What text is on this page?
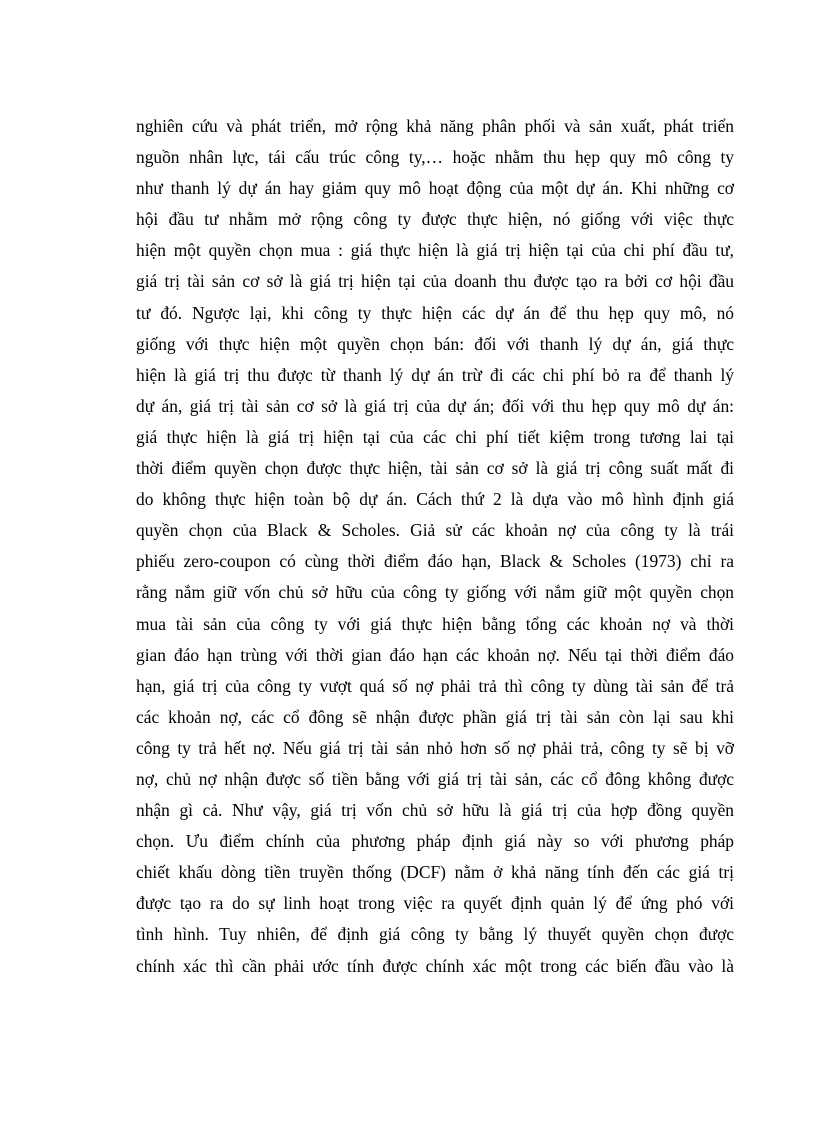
nghiên cứu và phát triển, mở rộng khả năng phân phối và sản xuất, phát triển
nguồn nhân lực, tái cấu trúc công ty,… hoặc nhằm thu hẹp quy mô công ty
như thanh lý dự án hay giảm quy mô hoạt động của một dự án. Khi những cơ
hội đầu tư nhằm mở rộng công ty được thực hiện, nó giống với việc thực
hiện một quyền chọn mua : giá thực hiện là giá trị hiện tại của chi phí đầu tư,
giá trị tài sản cơ sở là giá trị hiện tại của doanh thu được tạo ra bởi cơ hội đầu
tư đó. Ngược lại, khi công ty thực hiện các dự án để thu hẹp quy mô, nó
giống với thực hiện một quyền chọn bán: đối với thanh lý dự án, giá thực
hiện là giá trị thu được từ thanh lý dự án trừ đi các chi phí bỏ ra để thanh lý
dự án, giá trị tài sản cơ sở là giá trị của dự án; đối với thu hẹp quy mô dự án:
giá thực hiện là giá trị hiện tại của các chi phí tiết kiệm trong tương lai tại
thời điểm quyền chọn được thực hiện, tài sản cơ sở là giá trị công suất mất đi
do không thực hiện toàn bộ dự án. Cách thứ 2 là dựa vào mô hình định giá
quyền chọn của Black & Scholes. Giả sử các khoản nợ của công ty là trái
phiếu zero-coupon có cùng thời điểm đáo hạn, Black & Scholes (1973) chỉ ra
rằng nắm giữ vốn chủ sở hữu của công ty giống với nắm giữ một quyền chọn
mua tài sản của công ty với giá thực hiện bằng tổng các khoản nợ và thời
gian đáo hạn trùng với thời gian đáo hạn các khoản nợ. Nếu tại thời điểm đáo
hạn, giá trị của công ty vượt quá số nợ phải trả thì công ty dùng tài sản để trả
các khoản nợ, các cổ đông sẽ nhận được phần giá trị tài sản còn lại sau khi
công ty trả hết nợ. Nếu giá trị tài sản nhỏ hơn số nợ phải trả, công ty sẽ bị vỡ
nợ, chủ nợ nhận được số tiền bằng với giá trị tài sản, các cổ đông không được
nhận gì cả. Như vậy, giá trị vốn chủ sở hữu là giá trị của hợp đồng quyền
chọn. Ưu điểm chính của phương pháp định giá này so với phương pháp
chiết khấu dòng tiền truyền thống (DCF) nằm ở khả năng tính đến các giá trị
được tạo ra do sự linh hoạt trong việc ra quyết định quản lý để ứng phó với
tình hình. Tuy nhiên, để định giá công ty bằng lý thuyết quyền chọn được
chính xác thì cần phải ước tính được chính xác một trong các biến đầu vào là
